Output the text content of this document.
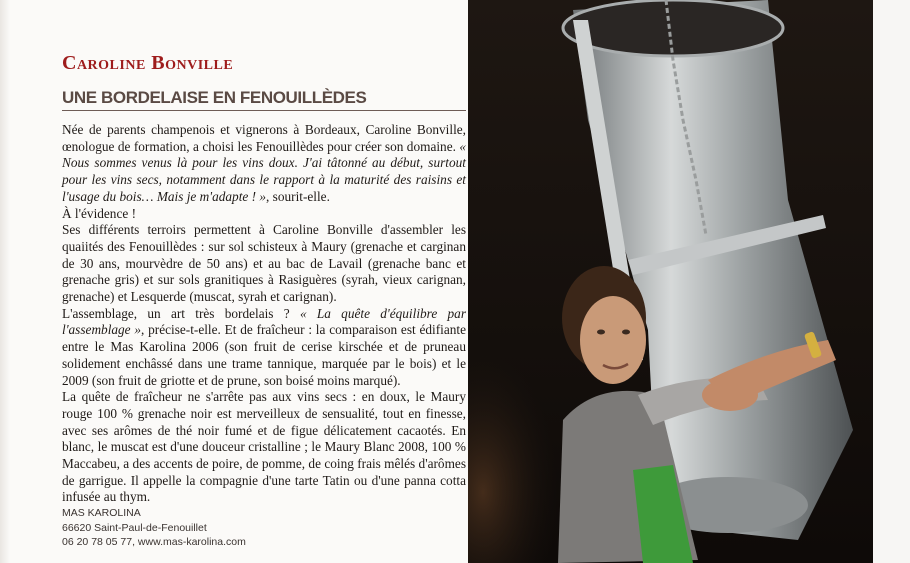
Caroline Bonville
UNE BORDELAISE EN FENOUILLÈDES

Née de parents champenois et vignerons à Bordeaux, Caroline Bonville, œnologue de formation, a choisi les Fenouillèdes pour créer son domaine. « Nous sommes venus là pour les vins doux. J'ai tâtonné au début, surtout pour les vins secs, notamment dans le rapport à la maturité des raisins et l'usage du bois… Mais je m'adapte ! », sourit-elle.

À l'évidence !

Ses différents terroirs permettent à Caroline Bonville d'assembler les quaiités des Fenouillèdes : sur sol schisteux à Maury (grenache et carginan de 30 ans, mourvèdre de 50 ans) et au bac de Lavail (grenache banc et grenache gris) et sur sols granitiques à Rasiguères (syrah, vieux carignan, grenache) et Lesquerde (muscat, syrah et carignan).

L'assemblage, un art très bordelais ? « La quête d'équilibre par l'assemblage », précise-t-elle. Et de fraîcheur : la comparaison est édifiante entre le Mas Karolina 2006 (son fruit de cerise kirschée et de pruneau solidement enchâssé dans une trame tannique, marquée par le bois) et le 2009 (son fruit de griotte et de prune, son boisé moins marqué).

La quête de fraîcheur ne s'arrête pas aux vins secs : en doux, le Maury rouge 100 % grenache noir est merveilleux de sensualité, tout en finesse, avec ses arômes de thé noir fumé et de figue délicatement cacaotés. En blanc, le muscat est d'une douceur cristalline ; le Maury Blanc 2008, 100 % Maccabeu, a des accents de poire, de pomme, de coing frais mêlés d'arômes de garrigue. Il appelle la compagnie d'une tarte Tatin ou d'une panna cotta infusée au thym.

MAS KAROLINA
66620 Saint-Paul-de-Fenouillet
06 20 78 05 77, www.mas-karolina.com
